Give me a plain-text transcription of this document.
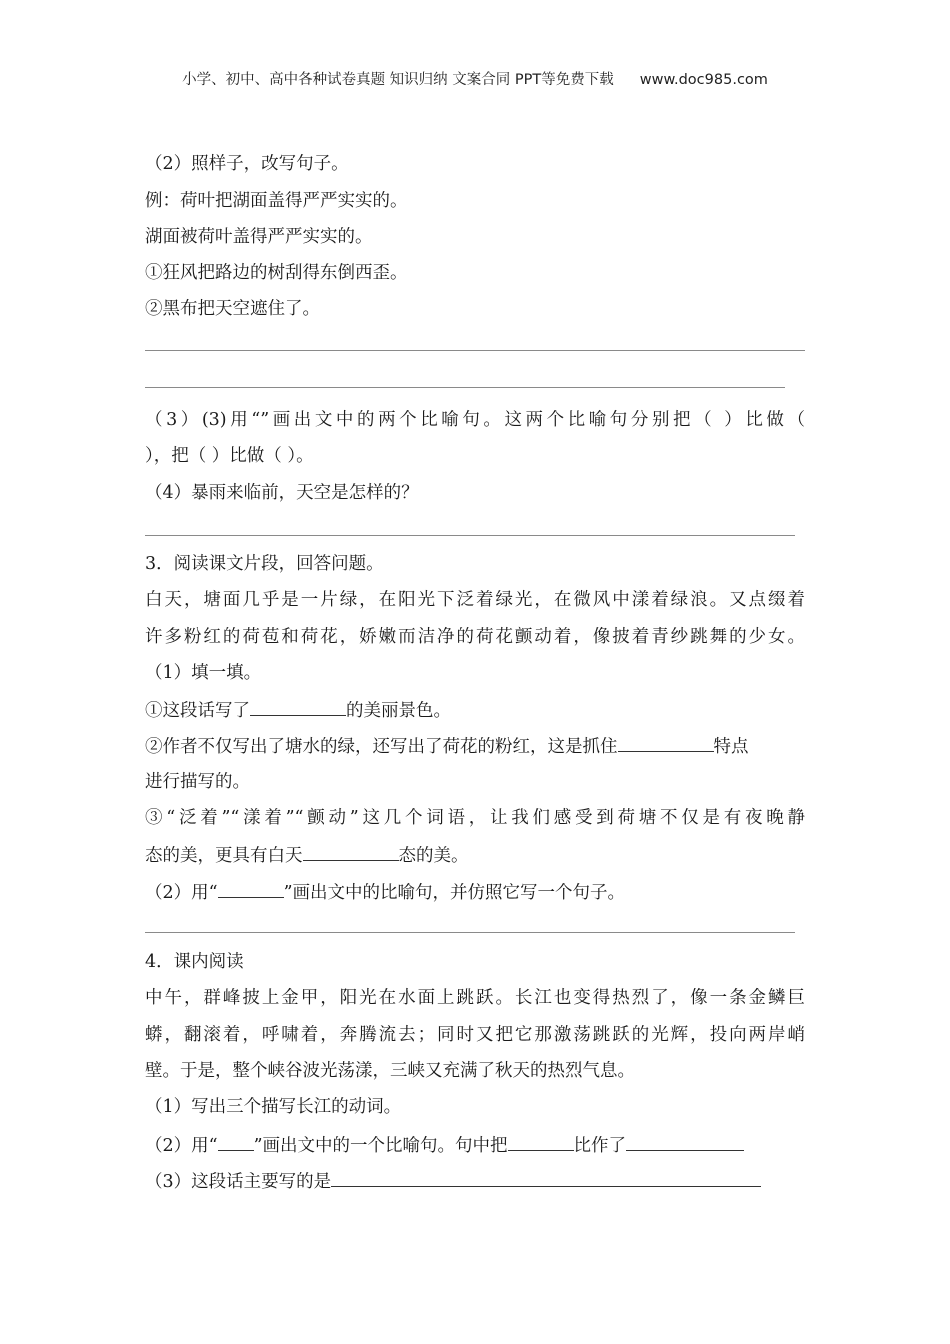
小学、初中、高中各种试卷真题 知识归纳 文案合同 PPT等免费下载 www.doc985.com
（2）照样子，改写句子。
例：荷叶把湖面盖得严严实实的。
湖面被荷叶盖得严严实实的。
①狂风把路边的树刮得东倒西歪。
②黑布把天空遮住了。
（3）(3)用“”画出文中的两个比喻句。这两个比喻句分别把（ ）比做（
），把（ ）比做（ ）。
（4）暴雨来临前，天空是怎样的？
3．阅读课文片段，回答问题。
白天，塘面几乎是一片绿，在阳光下泛着绿光，在微风中漾着绿浪。又点缀着
许多粉红的荷苞和荷花，娇嫩而洁净的荷花颤动着，像披着青纱跳舞的少女。
（1）填一填。
①这段话写了	的美丽景色。
②作者不仅写出了塘水的绿，还写出了荷花的粉红，这是抓住	特点
进行描写的。
③“泛着”“漾着”“颤动”这几个词语，让我们感受到荷塘不仅是有夜晚静
态的美，更具有白天	态的美。
（2）用“	”画出文中的比喻句，并仿照它写一个句子。
4．课内阅读
中午，群峰披上金甲，阳光在水面上跳跃。长江也变得热烈了，像一条金鳞巨
蟒，翻滚着，呼啸着，奔腾流去；同时又把它那激荡跳跃的光辉，投向两岸峭
壁。于是，整个峡谷波光荡漾，三峡又充满了秋天的热烈气息。
（1）写出三个描写长江的动词。
（2）用“ ”画出文中的一个比喻句。句中把	比作了
（3）这段话主要写的是
